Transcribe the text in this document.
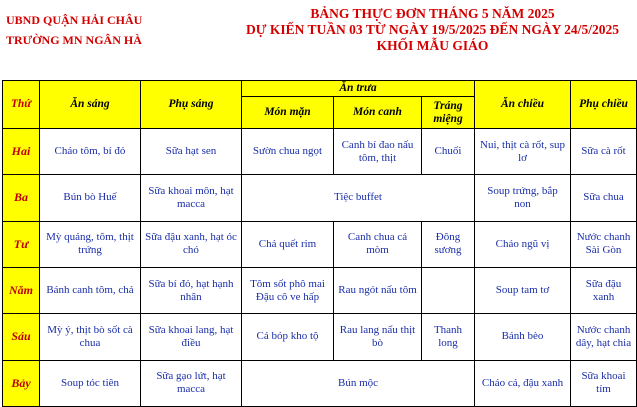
UBND QUẬN HẢI CHÂU
TRƯỜNG MN NGÂN HÀ
BẢNG THỰC ĐƠN THÁNG 5 NĂM 2025
DỰ KIẾN TUẦN 03 TỪ NGÀY 19/5/2025 ĐẾN NGÀY 24/5/2025
KHỐI MẪU GIÁO
Thứ	Ăn sáng	Phụ sáng	Ăn trưa			Ăn chiều	Phụ chiều
			Món mặn	Món canh	Tráng miệng		
Hai	Cháo tôm, bí đỏ	Sữa hạt sen	Sườn chua ngọt	Canh bí đao nấu tôm, thịt	Chuối	Nui, thịt cà rốt, sup lơ	Sữa cà rốt
Ba	Bún bò Huế	Sữa khoai môn, hạt macca	Tiệc buffet			Soup trứng, bắp non	Sữa chua
Tư	Mỳ quảng, tôm, thịt trứng	Sữa đậu xanh, hạt óc chó	Chả quết rim	Canh chua cá mòm	Đông sương	Cháo ngũ vị	Nước chanh Sài Gòn
Năm	Bánh canh tôm, chả	Sữa bí đỏ, hạt hạnh nhân	Tôm sốt phô mai Đậu cô ve hấp	Rau ngót nấu tôm		Soup tam tơ	Sữa đậu xanh
Sáu	Mỳ ý, thịt bò sốt cà chua	Sữa khoai lang, hạt điều	Cá bóp kho tộ	Rau lang nấu thịt bò	Thanh long	Bánh bèo	Nước chanh dây, hạt chia
Bảy	Soup tóc tiên	Sữa gạo lứt, hạt macca	Bún mộc			Cháo cá, đậu xanh	Sữa khoai tím
